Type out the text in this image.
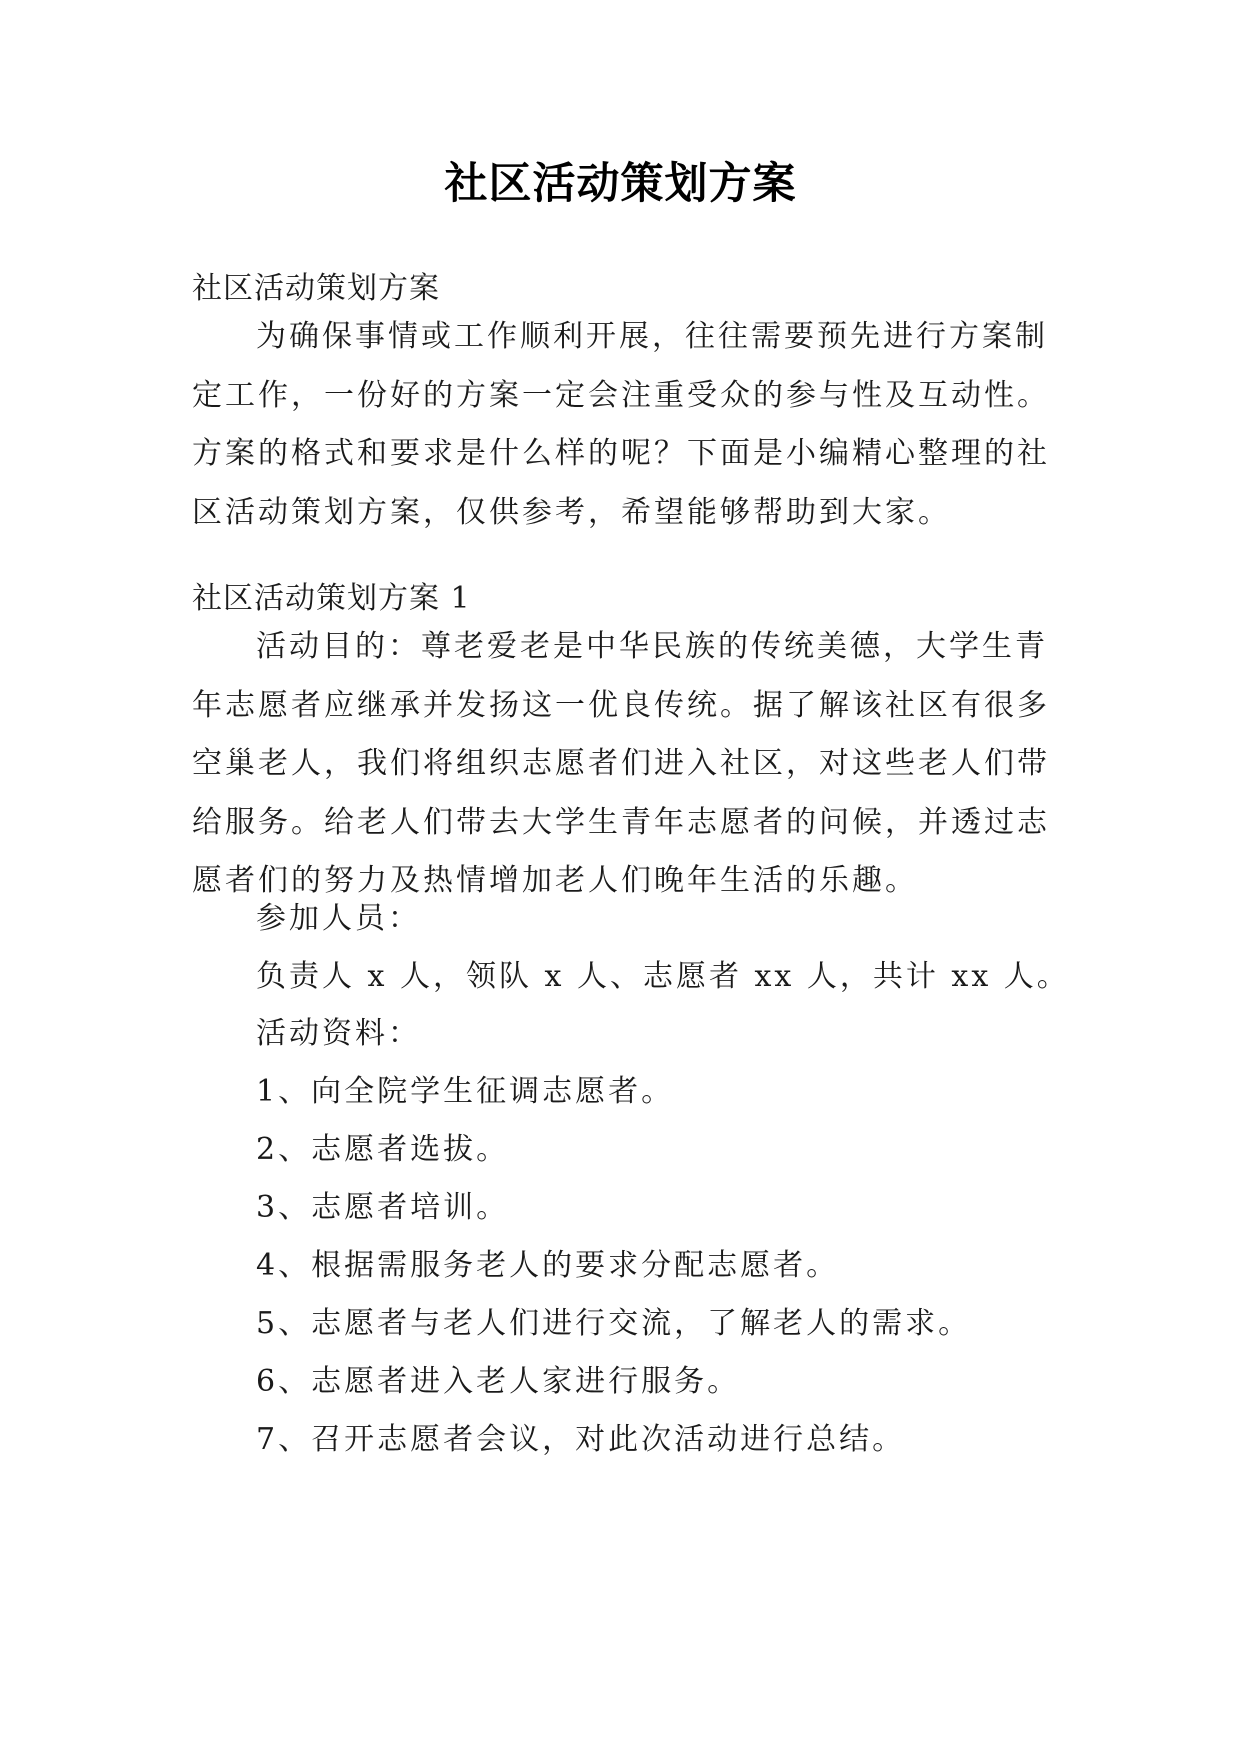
社区活动策划方案
社区活动策划方案

为确保事情或工作顺利开展，往往需要预先进行方案制定工作，一份好的方案一定会注重受众的参与性及互动性。方案的格式和要求是什么样的呢？下面是小编精心整理的社区活动策划方案，仅供参考，希望能够帮助到大家。

社区活动策划方案 1

活动目的：尊老爱老是中华民族的传统美德，大学生青年志愿者应继承并发扬这一优良传统。据了解该社区有很多空巢老人，我们将组织志愿者们进入社区，对这些老人们带给服务。给老人们带去大学生青年志愿者的问候，并透过志愿者们的努力及热情增加老人们晚年生活的乐趣。

参加人员：
负责人 x 人，领队 x 人、志愿者 xx 人，共计 xx 人。
活动资料：
1、向全院学生征调志愿者。
2、志愿者选拔。
3、志愿者培训。
4、根据需服务老人的要求分配志愿者。
5、志愿者与老人们进行交流，了解老人的需求。
6、志愿者进入老人家进行服务。
7、召开志愿者会议，对此次活动进行总结。
